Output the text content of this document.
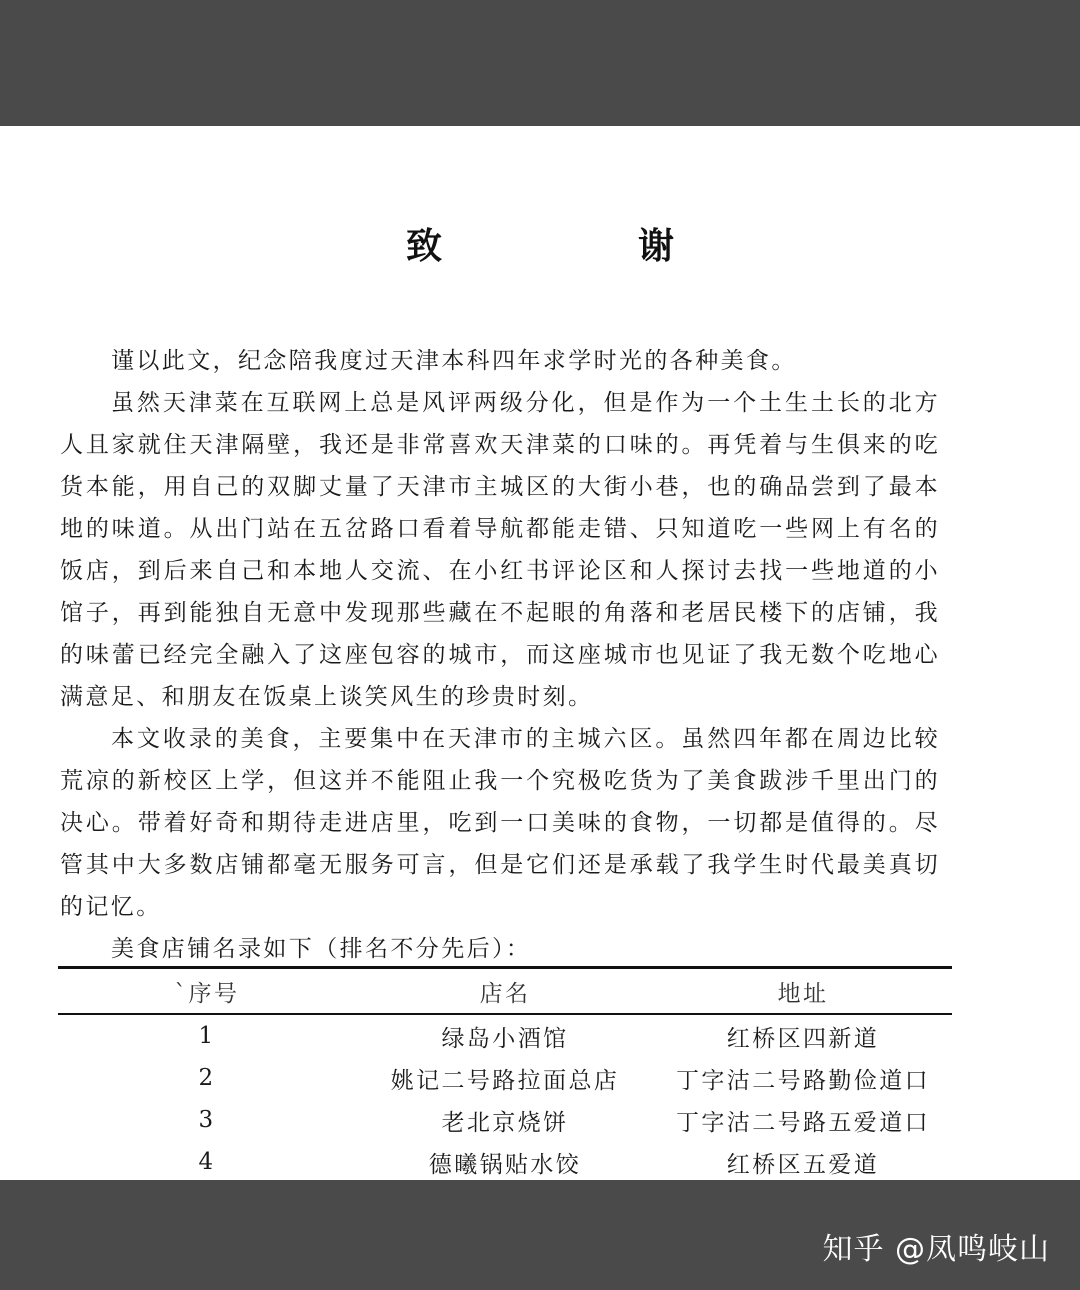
致　谢

谨以此文，纪念陪我度过天津本科四年求学时光的各种美食。

虽然天津菜在互联网上总是风评两级分化，但是作为一个土生土长的北方人且家就住天津隔壁，我还是非常喜欢天津菜的口味的。再凭着与生俱来的吃货本能，用自己的双脚丈量了天津市主城区的大街小巷，也的确品尝到了最本地的味道。从出门站在五岔路口看着导航都能走错、只知道吃一些网上有名的饭店，到后来自己和本地人交流、在小红书评论区和人探讨去找一些地道的小馆子，再到能独自无意中发现那些藏在不起眼的角落和老居民楼下的店铺，我的味蕾已经完全融入了这座包容的城市，而这座城市也见证了我无数个吃地心满意足、和朋友在饭桌上谈笑风生的珍贵时刻。

本文收录的美食，主要集中在天津市的主城六区。虽然四年都在周边比较荒凉的新校区上学，但这并不能阻止我一个究极吃货为了美食跋涉千里出门的决心。带着好奇和期待走进店里，吃到一口美味的食物，一切都是值得的。尽管其中大多数店铺都毫无服务可言，但是它们还是承载了我学生时代最美真切的记忆。

美食店铺名录如下（排名不分先后）：

`序号	店名	地址
1	绿岛小酒馆	红桥区四新道
2	姚记二号路拉面总店	丁字沽二号路勤俭道口
3	老北京烧饼	丁字沽二号路五爱道口
4	德曦锅贴水饺	红桥区五爱道
知乎 @凤鸣岐山
